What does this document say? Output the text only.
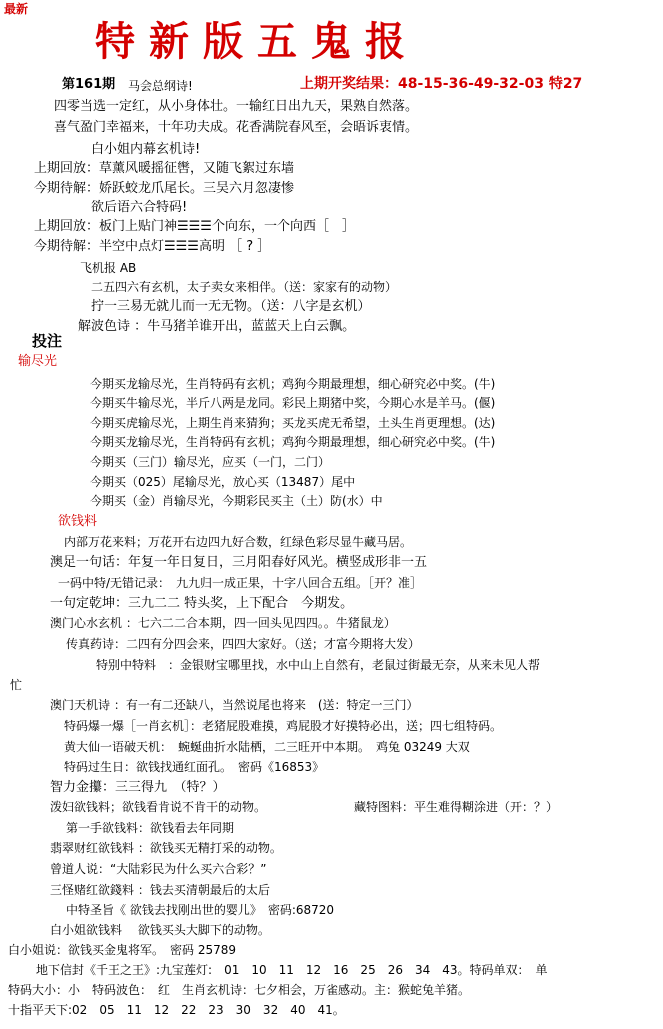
最新
特新版五鬼报
第161期 马会总纲诗!	上期开奖结果：48-15-36-49-32-03 特27
四零当选一定红，从小身体壮。一输红日出九天，果熟自然落。
喜气盈门幸福来，十年功夫成。花香满院春风至，会晤诉衷情。
白小姐内幕玄机诗!
上期回放：草薰风暖摇征辔，又随飞絮过东墙
今期待解：娇跃蛟龙爪尾长。三吴六月忽凄惨
欲后语六合特码!
上期回放：板门上贴门神☰☰☰个向东，一个向西［　］
今期待解：半空中点灯☰☰☰高明 ［ ? ］
飞机报 AB
二五四六有玄机，太子卖女来相伴。（送：家家有的动物）
拧一三易无就儿而一无无物。（送：八字是玄机）
解波色诗 ：牛马猪羊谁开出，蓝蓝天上白云飘。
投注
输尽光
今期买龙输尽光，生肖特码有玄机；鸡狗今期最理想，细心研究必中奖。(牛)
今期买牛输尽光，半斤八两是龙同。彩民上期猪中奖，今期心水是羊马。(偃)
今期买虎输尽光，上期生肖来猜狗；买龙买虎无希望，土头生肖更理想。(达)
今期买龙输尽光，生肖特码有玄机；鸡狗今期最理想，细心研究必中奖。(牛)
今期买（三门）输尽光，应买（一门，二门）
今期买（025）尾输尽光，放心买（13487）尾中
今期买（金）肖输尽光，今期彩民买主（土）防(水）中
欲钱料
内部万花来料；万花开右边四九好合数，红绿色彩尽显牛藏马居。
澳足一句话：年复一年日复日，三月阳春好风光。横竖成形非一五
一码中特/无错记录：　九九归一成正果，十字八回合五组。［开？准］
一句定乾坤：三九二二 特头奖，上下配合　今期发。
澳门心水玄机 ：七六二二合本期，四一回头见四四。。牛猪鼠龙）
传真药诗：二四有分四会来，四四大家好。（送；才富今期将大发）
特别中特料　：金银财宝哪里找，水中山上自然有，老鼠过街最无奈，从来未见人帮
忙
澳门天机诗 ：有一有二还缺八，当然说尾也将来　(送：特定一三门）
特码爆一爆［一肖玄机］：老猪屁股难摸，鸡屁股才好摸特必出，送；四七组特码。
黄大仙一语破天机：　蜿蜒曲折水陆栖，二三旺开中本期。　鸡兔 03249 大双
特码过生日：欲钱找通红面孔。　密码《16853》
智力金攥：三三得九　（特？）
泼妇欲钱料；欲钱看肯说不肯干的动物。	藏特图料：平生难得糊涂进（开：？）
第一手欲钱料：欲钱看去年同期
翡翠财红欲钱料 ：欲钱买无精打采的动物。
曾道人说：“大陆彩民为什么买六合彩？”
三怪赌红欲錢料 ：钱去买清朝最后的太后
中特圣旨《 欲钱去找刚出世的婴儿》　密码:68720
白小姐欲钱料　 欲钱买头大脚下的动物。
白小姐说：欲钱买金鬼将军。　密码 25789
地下信封《千王之王》:九宝莲灯:　01　10　11　12　16　25　26　34　43。特码单双：　单
特码大小：小　特码波色：　红　生肖玄机诗：七夕相会，万雀感动。主：猴蛇兔羊猪。
十指平天下:02　05　11　12　22　23　30　32　40　41。
